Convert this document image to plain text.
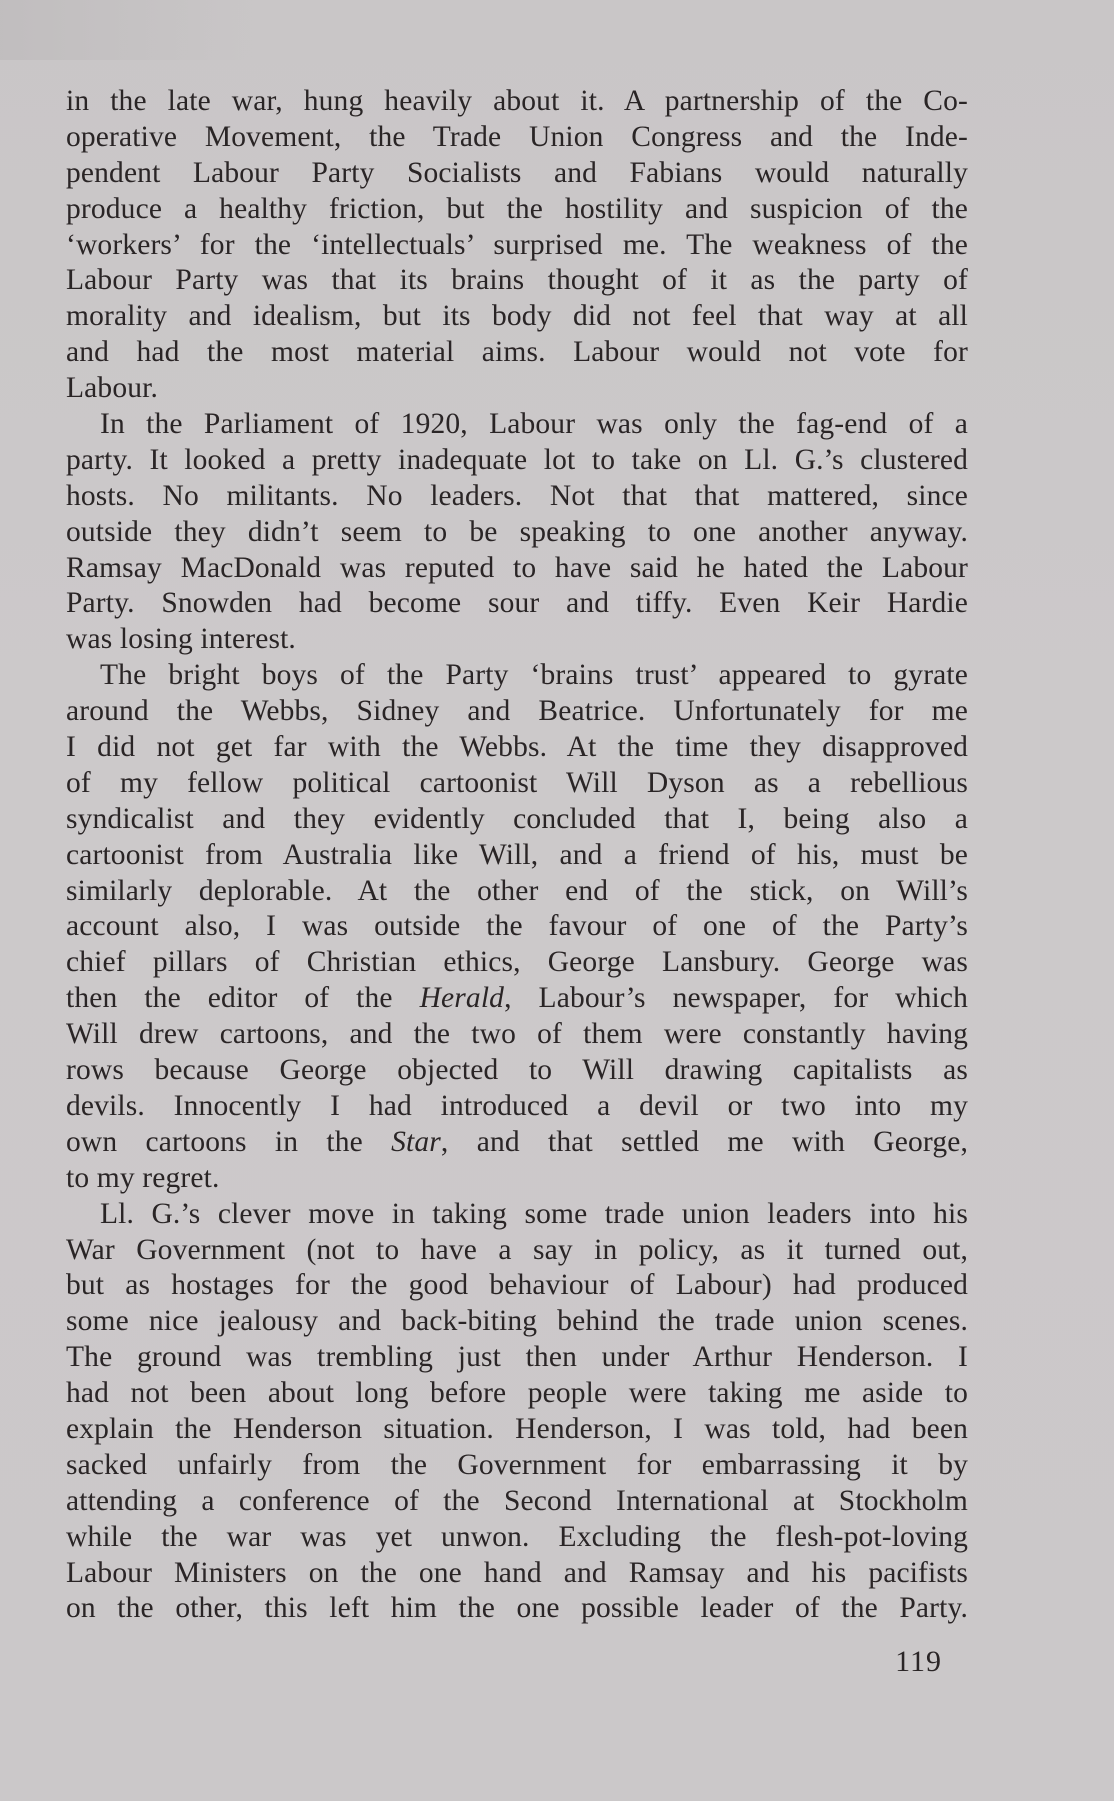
in the late war, hung heavily about it. A partnership of the Co-
operative Movement, the Trade Union Congress and the Inde-
pendent Labour Party Socialists and Fabians would naturally
produce a healthy friction, but the hostility and suspicion of the
‘workers’ for the ‘intellectuals’ surprised me. The weakness of the
Labour Party was that its brains thought of it as the party of
morality and idealism, but its body did not feel that way at all
and had the most material aims. Labour would not vote for
Labour.
In the Parliament of 1920, Labour was only the fag-end of a
party. It looked a pretty inadequate lot to take on Ll. G.’s clustered
hosts. No militants. No leaders. Not that that mattered, since
outside they didn’t seem to be speaking to one another anyway.
Ramsay MacDonald was reputed to have said he hated the Labour
Party. Snowden had become sour and tiffy. Even Keir Hardie
was losing interest.
The bright boys of the Party ‘brains trust’ appeared to gyrate
around the Webbs, Sidney and Beatrice. Unfortunately for me
I did not get far with the Webbs. At the time they disapproved
of my fellow political cartoonist Will Dyson as a rebellious
syndicalist and they evidently concluded that I, being also a
cartoonist from Australia like Will, and a friend of his, must be
similarly deplorable. At the other end of the stick, on Will’s
account also, I was outside the favour of one of the Party’s
chief pillars of Christian ethics, George Lansbury. George was
then the editor of the Herald, Labour’s newspaper, for which
Will drew cartoons, and the two of them were constantly having
rows because George objected to Will drawing capitalists as
devils. Innocently I had introduced a devil or two into my
own cartoons in the Star, and that settled me with George,
to my regret.
Ll. G.’s clever move in taking some trade union leaders into his
War Government (not to have a say in policy, as it turned out,
but as hostages for the good behaviour of Labour) had produced
some nice jealousy and back-biting behind the trade union scenes.
The ground was trembling just then under Arthur Henderson. I
had not been about long before people were taking me aside to
explain the Henderson situation. Henderson, I was told, had been
sacked unfairly from the Government for embarrassing it by
attending a conference of the Second International at Stockholm
while the war was yet unwon. Excluding the flesh-pot-loving
Labour Ministers on the one hand and Ramsay and his pacifists
on the other, this left him the one possible leader of the Party.
119
